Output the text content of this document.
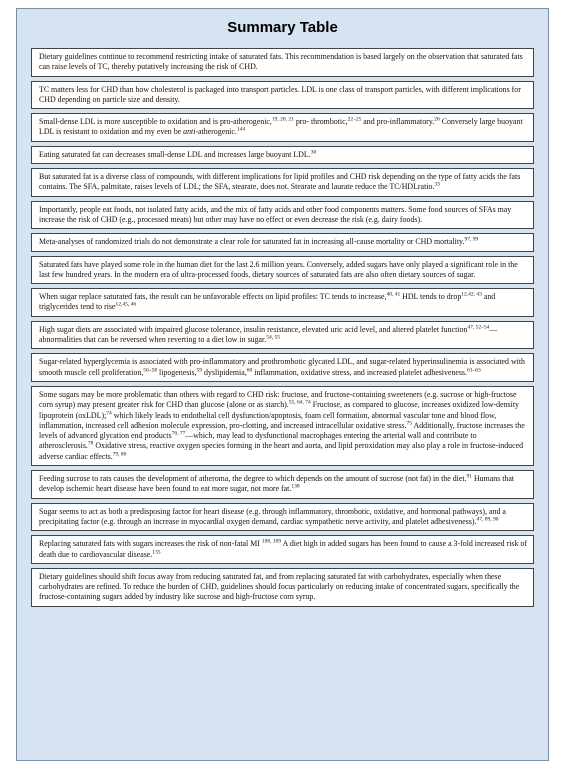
Summary Table
Dietary guidelines continue to recommend restricting intake of saturated fats. This recommendation is based largely on the observation that saturated fats can raise levels of TC, thereby putatively increasing the risk of CHD.
TC matters less for CHD than how cholesterol is packaged into transport particles. LDL is one class of transport particles, with different implications for CHD depending on particle size and density.
Small-dense LDL is more susceptible to oxidation and is pro-atherogenic,$^{19, 20, 21}$ pro- thrombotic,$^{22-25}$ and pro-inflammatory.$^{26}$ Conversely large buoyant LDL is resistant to oxidation and my even be anti-atherogenic.$^{144}$
Eating saturated fat can decreases small-dense LDL and increases large buoyant LDL.$^{30}$
But saturated fat is a diverse class of compounds, with different implications for lipid profiles and CHD risk depending on the type of fatty acids the fats contains. The SFA, palmitate, raises levels of LDL; the SFA, stearate, does not. Stearate and laurate reduce the TC/HDLratio.$^{33}$
Importantly, people eat foods, not isolated fatty acids, and the mix of fatty acids and other food components matters. Some food sources of SFAs may increase the risk of CHD (e.g., processed meats) but other may have no effect or even decrease the risk (e.g. dairy foods).
Meta-analyses of randomized trials do not demonstrate a clear role for saturated fat in increasing all-cause mortality or CHD mortality.$^{97, 99}$
Saturated fats have played some role in the human diet for the last 2.6 million years. Conversely, added sugars have only played a significant role in the last few hundred years. In the modern era of ultra-processed foods, dietary sources of saturated fats are also often dietary sources of sugar.
When sugar replace saturated fats, the result can be unfavorable effects on lipid profiles: TC tends to increase,$^{40, 41}$ HDL tends to drop$^{12,42, 43}$ and triglycerides tend to rise$^{12,45, 46}$
High sugar diets are associated with impaired glucose tolerance, insulin resistance, elevated uric acid level, and altered platelet function$^{47, 52-54}$—abnormalities that can be reversed when reverting to a diet low in sugar.$^{54, 55}$
Sugar-related hyperglycemia is associated with pro-inflammatory and prothrombotic glycated LDL, and sugar-related hyperinsulinemia is associated with smooth muscle cell proliferation,$^{56-58}$ lipogenesis,$^{59}$ dyslipidemia,$^{60}$ inflammation, oxidative stress, and increased platelet adhesiveness.$^{61-63}$
Some sugars may be more problematic than others with regard to CHD risk: fructose, and fructose-containing sweeteners (e.g. sucrose or high-fructose corn syrup) may present greater risk for CHD than glucose (alone or as starch).$^{55, 64, 74}$ Fructose, as compared to glucose, increases oxidized low-density lipoprotein (oxLDL);$^{74}$ which likely leads to endothelial cell dysfunction/apoptosis, foam cell formation, abnormal vascular tone and blood flow, inflammation, increased cell adhesion molecule expression, pro-clotting, and increased intracellular oxidative stress.$^{75}$ Additionally, fructose increases the levels of advanced glycation end products$^{76, 77}$—which, may lead to dysfunctional macrophages entering the arterial wall and contribute to atherosclerosis.$^{78}$ Oxidative stress, reactive oxygen species forming in the heart and aorta, and lipid peroxidation may also play a role in fructose-induced adverse cardiac effects.$^{79, 80}$
Feeding sucrose to rats causes the development of atheroma, the degree to which depends on the amount of sucrose (not fat) in the diet.$^{91}$ Humans that develop ischemic heart disease have been found to eat more sugar, not more fat.$^{138}$
Sugar seems to act as both a predisposing factor for heart disease (e.g. through inflammatory, thrombotic, oxidative, and hormonal pathways), and a precipitating factor (e.g. through an increase in myocardial oxygen demand, cardiac sympathetic nerve activity, and platelet adhesiveness).$^{47, 89, 90}$
Replacing saturated fats with sugars increases the risk of non-fatal MI $^{108, 109}$ A diet high in added sugars has been found to cause a 3-fold increased risk of death due to cardiovascular disease.$^{135}$
Dietary guidelines should shift focus away from reducing saturated fat, and from replacing saturated fat with carbohydrates, especially when these carbohydrates are refined. To reduce the burden of CHD, guidelines should focus particularly on reducing intake of concentrated sugars, specifically the fructose-containing sugars added by industry like sucrose and high-fructose corn syrup.
